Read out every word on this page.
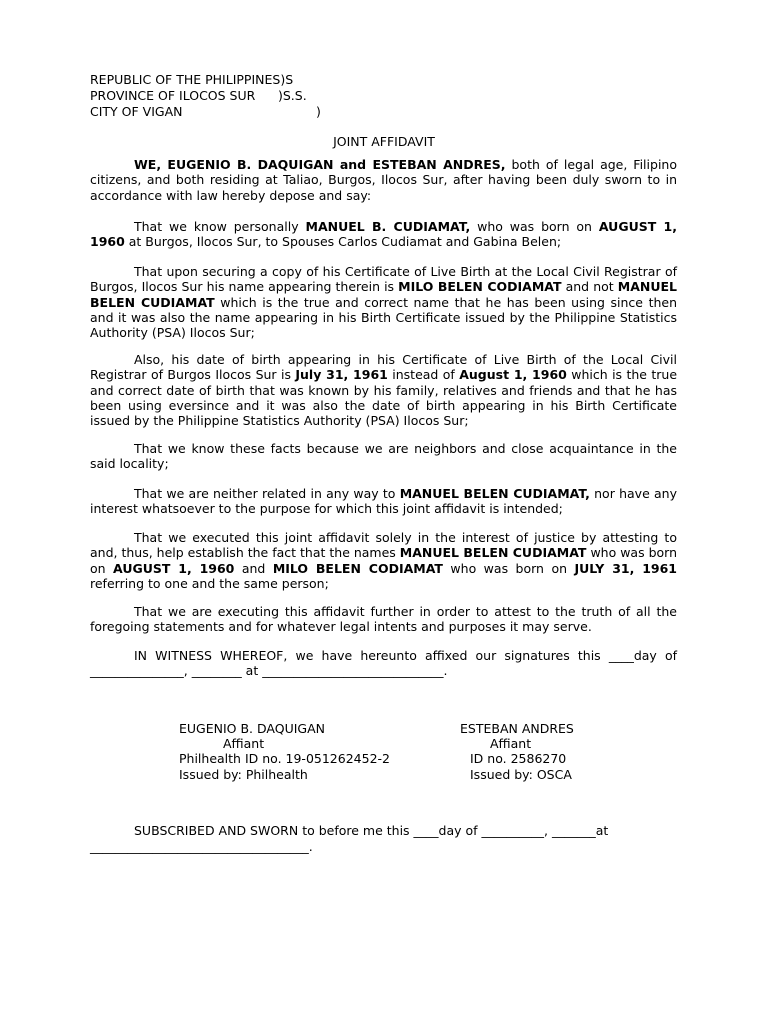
REPUBLIC OF THE PHILIPPINES)S
PROVINCE OF ILOCOS SUR )S.S.
CITY OF VIGAN	)
JOINT AFFIDAVIT

WE, EUGENIO B. DAQUIGAN and ESTEBAN ANDRES, both of legal age, Filipino citizens, and both residing at Taliao, Burgos, Ilocos Sur, after having been duly sworn to in accordance with law hereby depose and say:

That we know personally MANUEL B. CUDIAMAT, who was born on AUGUST 1, 1960 at Burgos, Ilocos Sur, to Spouses Carlos Cudiamat and Gabina Belen;

That upon securing a copy of his Certificate of Live Birth at the Local Civil Registrar of Burgos, Ilocos Sur his name appearing therein is MILO BELEN CODIAMAT and not MANUEL BELEN CUDIAMAT which is the true and correct name that he has been using since then and it was also the name appearing in his Birth Certificate issued by the Philippine Statistics Authority (PSA) Ilocos Sur;

Also, his date of birth appearing in his Certificate of Live Birth of the Local Civil Registrar of Burgos Ilocos Sur is July 31, 1961 instead of August 1, 1960 which is the true and correct date of birth that was known by his family, relatives and friends and that he has been using eversince and it was also the date of birth appearing in his Birth Certificate issued by the Philippine Statistics Authority (PSA) Ilocos Sur;

That we know these facts because we are neighbors and close acquaintance in the said locality;

That we are neither related in any way to MANUEL BELEN CUDIAMAT, nor have any interest whatsoever to the purpose for which this joint affidavit is intended;

That we executed this joint affidavit solely in the interest of justice by attesting to and, thus, help establish the fact that the names MANUEL BELEN CUDIAMAT who was born on AUGUST 1, 1960 and MILO BELEN CODIAMAT who was born on JULY 31, 1961 referring to one and the same person;

That we are executing this affidavit further in order to attest to the truth of all the foregoing statements and for whatever legal intents and purposes it may serve.

IN WITNESS WHEREOF, we have hereunto affixed our signatures this ____day of _______________, ________ at _____________________________.

EUGENIO B. DAQUIGAN
Affiant
Philhealth ID no. 19-051262452-2
Issued by: Philhealth
ESTEBAN ANDRES
Affiant
ID no. 2586270
Issued by: OSCA

SUBSCRIBED AND SWORN to before me this ____day of __________, _______at

___________________________________.
